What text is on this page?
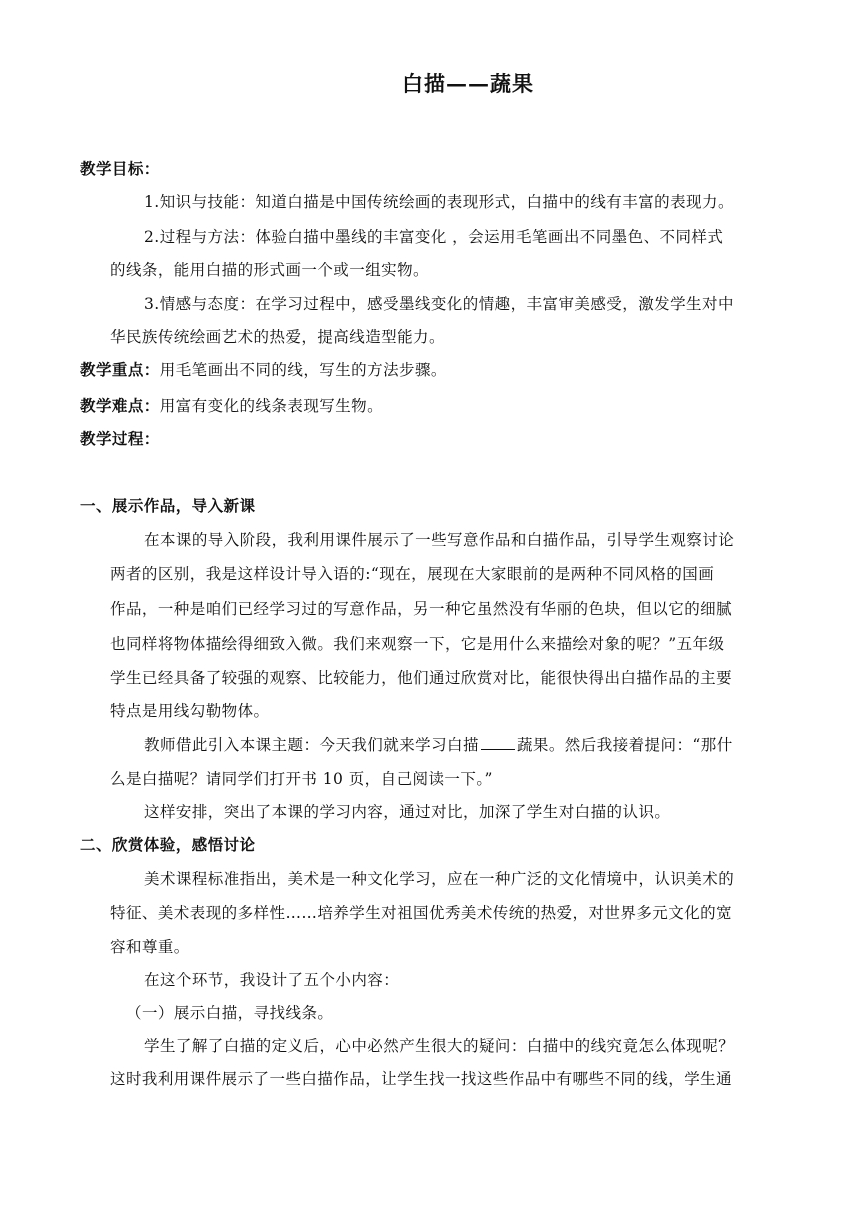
白描——蔬果
教学目标：
1.知识与技能：知道白描是中国传统绘画的表现形式，白描中的线有丰富的表现力。
2.过程与方法：体验白描中墨线的丰富变化 ，会运用毛笔画出不同墨色、不同样式
的线条，能用白描的形式画一个或一组实物。
3.情感与态度：在学习过程中，感受墨线变化的情趣，丰富审美感受，激发学生对中
华民族传统绘画艺术的热爱，提高线造型能力。
教学重点：用毛笔画出不同的线，写生的方法步骤。
教学难点：用富有变化的线条表现写生物。
教学过程：
一、展示作品，导入新课
在本课的导入阶段，我利用课件展示了一些写意作品和白描作品，引导学生观察讨论
两者的区别，我是这样设计导入语的:“现在，展现在大家眼前的是两种不同风格的国画
作品，一种是咱们已经学习过的写意作品，另一种它虽然没有华丽的色块，但以它的细腻
也同样将物体描绘得细致入微。我们来观察一下，它是用什么来描绘对象的呢？”五年级
学生已经具备了较强的观察、比较能力，他们通过欣赏对比，能很快得出白描作品的主要
特点是用线勾勒物体。
教师借此引入本课主题：今天我们就来学习白描 蔬果。然后我接着提问：“那什
么是白描呢？请同学们打开书 10 页，自己阅读一下。”
这样安排，突出了本课的学习内容，通过对比，加深了学生对白描的认识。
二、欣赏体验，感悟讨论
美术课程标准指出，美术是一种文化学习，应在一种广泛的文化情境中，认识美术的
特征、美术表现的多样性……培养学生对祖国优秀美术传统的热爱，对世界多元文化的宽
容和尊重。
在这个环节，我设计了五个小内容：
（一）展示白描，寻找线条。
学生了解了白描的定义后，心中必然产生很大的疑问：白描中的线究竟怎么体现呢？
这时我利用课件展示了一些白描作品，让学生找一找这些作品中有哪些不同的线，学生通
